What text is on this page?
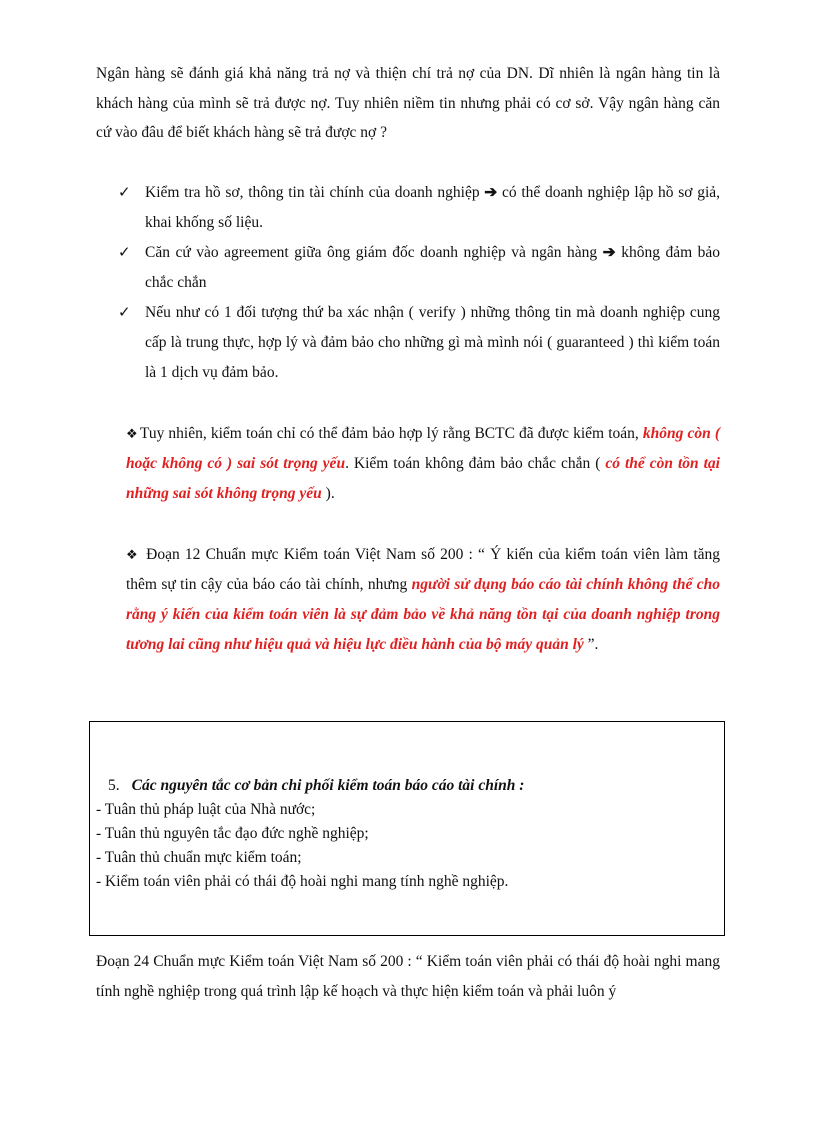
Ngân hàng sẽ đánh giá khả năng trả nợ và thiện chí trả nợ của DN. Dĩ nhiên là ngân hàng tin là khách hàng của mình sẽ trả được nợ. Tuy nhiên niềm tin nhưng phải có cơ sở. Vậy ngân hàng căn cứ vào đâu để biết khách hàng sẽ trả được nợ ?
✓ Kiểm tra hồ sơ, thông tin tài chính của doanh nghiệp ➔ có thể doanh nghiệp lập hồ sơ giả, khai khống số liệu.
✓ Căn cứ vào agreement giữa ông giám đốc doanh nghiệp và ngân hàng ➔ không đảm bảo chắc chắn
✓ Nếu như có 1 đối tượng thứ ba xác nhận ( verify ) những thông tin mà doanh nghiệp cung cấp là trung thực, hợp lý và đảm bảo cho những gì mà mình nói ( guaranteed ) thì kiểm toán là 1 dịch vụ đảm bảo.
❖ Tuy nhiên, kiểm toán chỉ có thể đảm bảo hợp lý rằng BCTC đã được kiểm toán, không còn ( hoặc không có ) sai sót trọng yếu. Kiểm toán không đảm bảo chắc chắn ( có thể còn tồn tại những sai sót không trọng yếu ).
❖ Đoạn 12 Chuẩn mực Kiểm toán Việt Nam số 200 : “ Ý kiến của kiểm toán viên làm tăng thêm sự tin cậy của báo cáo tài chính, nhưng người sử dụng báo cáo tài chính không thể cho rằng ý kiến của kiểm toán viên là sự đảm bảo về khả năng tồn tại của doanh nghiệp trong tương lai cũng như hiệu quả và hiệu lực điều hành của bộ máy quản lý ”.
5. Các nguyên tắc cơ bản chi phối kiểm toán báo cáo tài chính :
- Tuân thủ pháp luật của Nhà nước;
- Tuân thủ nguyên tắc đạo đức nghề nghiệp;
- Tuân thủ chuẩn mực kiểm toán;
- Kiểm toán viên phải có thái độ hoài nghi mang tính nghề nghiệp.
Đoạn 24 Chuẩn mực Kiểm toán Việt Nam số 200 : “ Kiểm toán viên phải có thái độ hoài nghi mang tính nghề nghiệp trong quá trình lập kế hoạch và thực hiện kiểm toán và phải luôn ý
